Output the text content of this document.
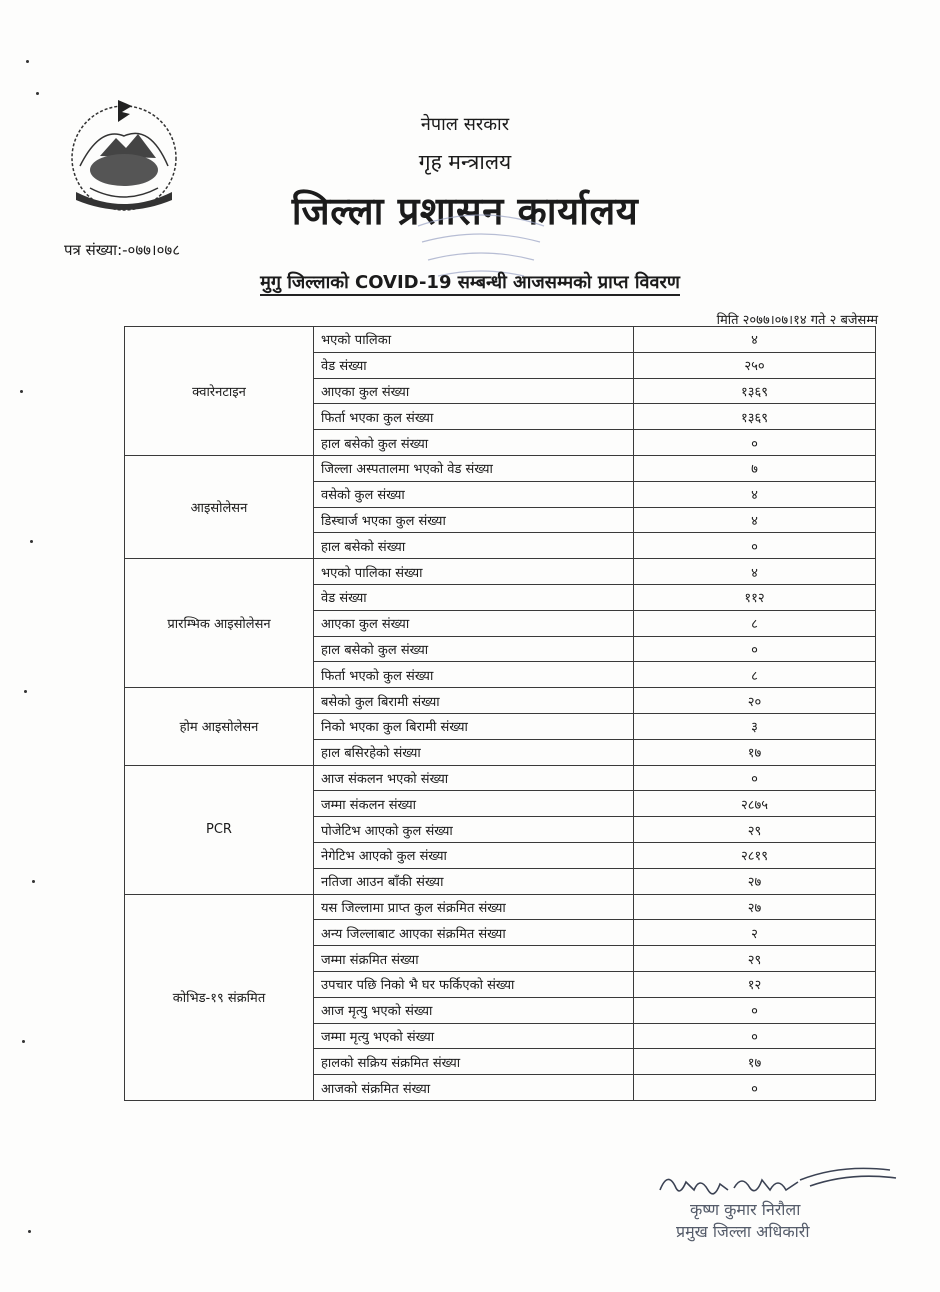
नेपाल सरकार
गृह मन्त्रालय
जिल्ला प्रशासन कार्यालय
पत्र संख्या:-०७७।०७८
मुगु जिल्लाको COVID-19 सम्बन्धी आजसम्मको प्राप्त विवरण
मिति २०७७।०७।१४ गते २ बजेसम्म
क्वारेनटाइन	भएको पालिका	४
	वेड संख्या	२५०
	आएका कुल संख्या	१३६९
	फिर्ता भएका कुल संख्या	१३६९
	हाल बसेको कुल संख्या	०
आइसोलेसन	जिल्ला अस्पतालमा भएको वेड संख्या	७
	वसेको कुल संख्या	४
	डिस्चार्ज भएका कुल संख्या	४
	हाल बसेको संख्या	०
प्रारम्भिक आइसोलेसन	भएको पालिका संख्या	४
	वेड संख्या	११२
	आएका कुल संख्या	८
	हाल बसेको कुल संख्या	०
	फिर्ता भएको कुल संख्या	८
होम आइसोलेसन	बसेको कुल बिरामी संख्या	२०
	निको भएका कुल बिरामी संख्या	३
	हाल बसिरहेको संख्या	१७
PCR	आज संकलन भएको संख्या	०
	जम्मा संकलन संख्या	२८७५
	पोजेटिभ आएको कुल संख्या	२९
	नेगेटिभ आएको कुल संख्या	२८१९
	नतिजा आउन बाँकी संख्या	२७
कोभिड-१९ संक्रमित	यस जिल्लामा प्राप्त कुल संक्रमित संख्या	२७
	अन्य जिल्लाबाट आएका संक्रमित संख्या	२
	जम्मा संक्रमित संख्या	२९
	उपचार पछि निको भै घर फर्किएको संख्या	१२
	आज मृत्यु भएको संख्या	०
	जम्मा मृत्यु भएको संख्या	०
	हालको सक्रिय संक्रमित संख्या	१७
	आजको संक्रमित संख्या	०
कृष्ण कुमार निरौला
प्रमुख जिल्ला अधिकारी
